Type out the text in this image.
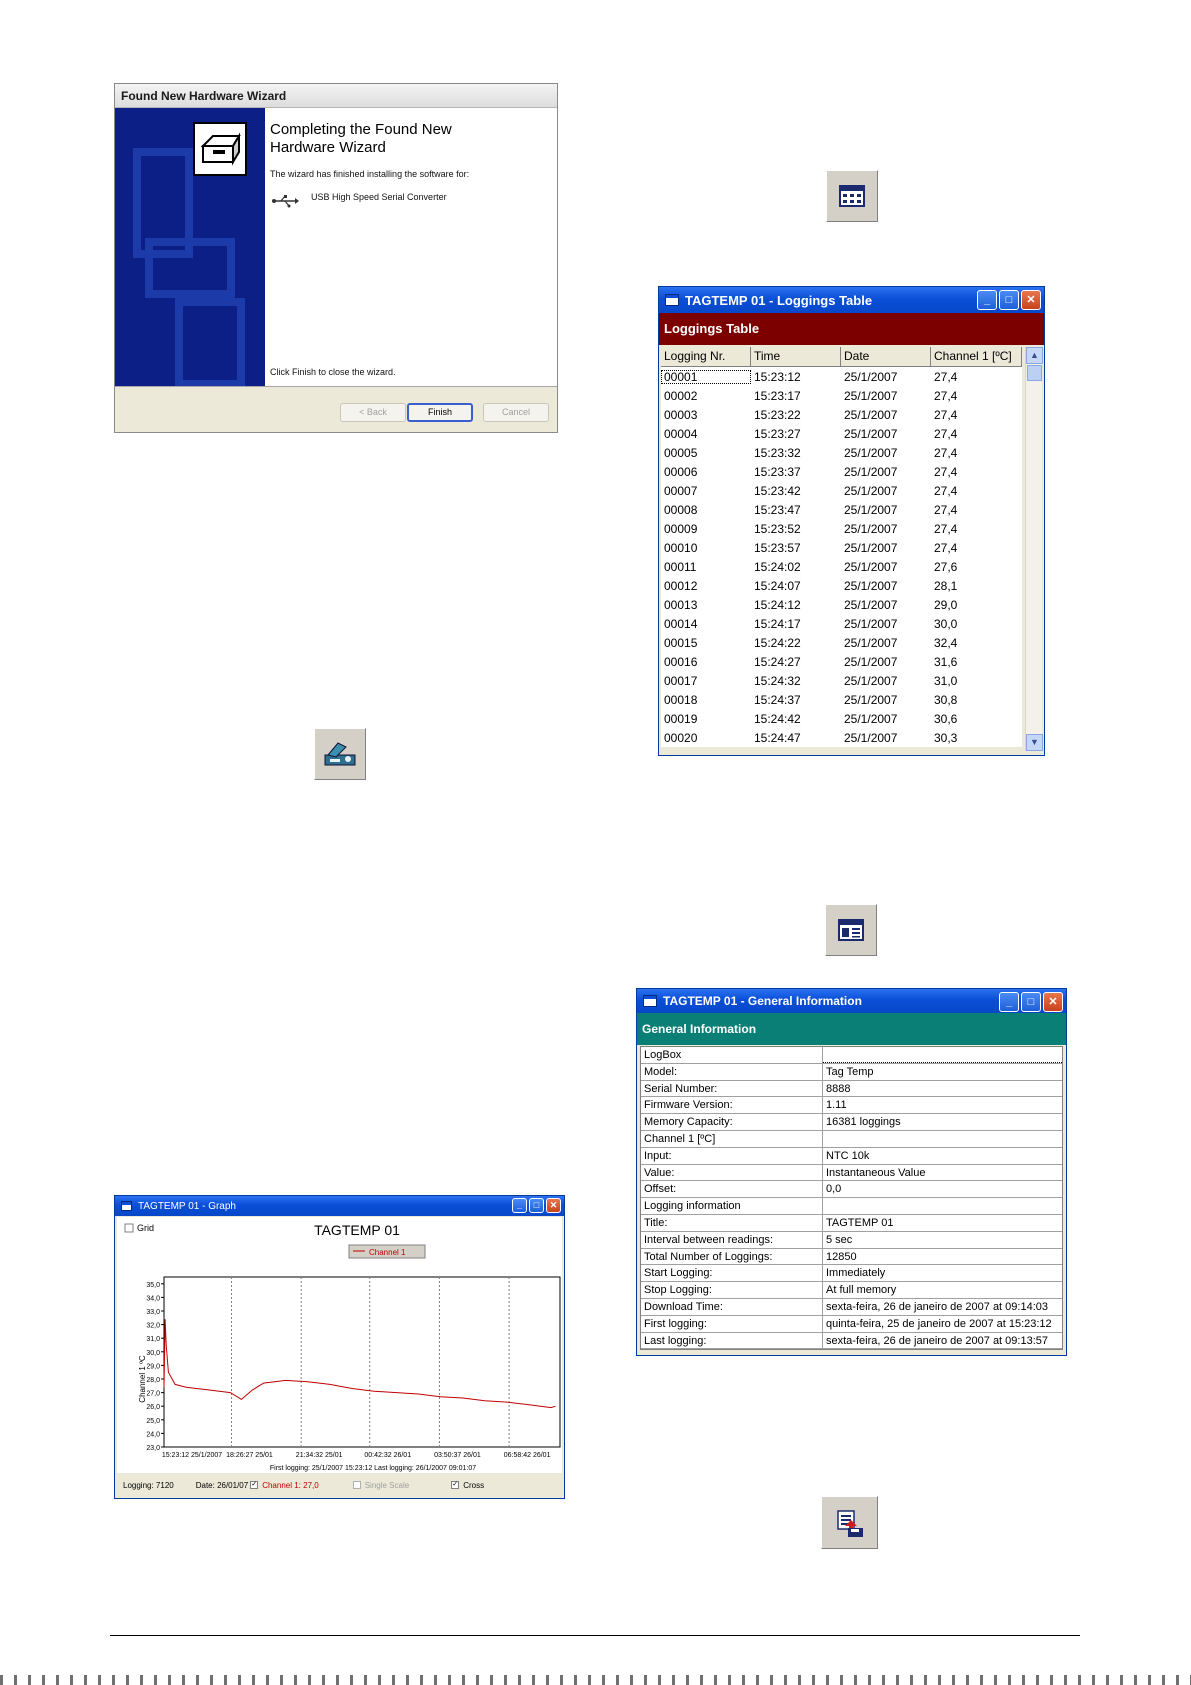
Found New Hardware Wizard
Completing the Found New Hardware Wizard
The wizard has finished installing the software for:
USB High Speed Serial Converter
Click Finish to close the wizard.
< Back	Finish	Cancel
TAGTEMP 01 - Loggings Table	_	□	✕
Loggings Table
Logging Nr.	Time	Date	Channel 1 [ºC]
00001	15:23:12	25/1/2007	27,4
00002	15:23:17	25/1/2007	27,4
00003	15:23:22	25/1/2007	27,4
00004	15:23:27	25/1/2007	27,4
00005	15:23:32	25/1/2007	27,4
00006	15:23:37	25/1/2007	27,4
00007	15:23:42	25/1/2007	27,4
00008	15:23:47	25/1/2007	27,4
00009	15:23:52	25/1/2007	27,4
00010	15:23:57	25/1/2007	27,4
00011	15:24:02	25/1/2007	27,6
00012	15:24:07	25/1/2007	28,1
00013	15:24:12	25/1/2007	29,0
00014	15:24:17	25/1/2007	30,0
00015	15:24:22	25/1/2007	32,4
00016	15:24:27	25/1/2007	31,6
00017	15:24:32	25/1/2007	31,0
00018	15:24:37	25/1/2007	30,8
00019	15:24:42	25/1/2007	30,6
00020	15:24:47	25/1/2007	30,3
▲
▼
TAGTEMP 01 - General Information	_	□	✕
General Information
LogBox
Model:	Tag Temp
Serial Number:	8888
Firmware Version:	1.11
Memory Capacity:	16381 loggings
Channel 1 [ºC]
Input:	NTC 10k
Value:	Instantaneous Value
Offset:	0,0
Logging information
Title:	TAGTEMP 01
Interval between readings:	5 sec
Total Number of Loggings:	12850
Start Logging:	Immediately
Stop Logging:	At full memory
Download Time:	sexta-feira, 26 de janeiro de 2007 at 09:14:03
First logging:	quinta-feira, 25 de janeiro de 2007 at 15:23:12
Last logging:	sexta-feira, 26 de janeiro de 2007 at 09:13:57
TAGTEMP 01 - Graph	_	□	✕
Grid	TAGTEMP 01
Channel 1
Channel 1 ºC
First logging: 25/1/2007 15:23:12 Last logging: 26/1/2007 09:01:07
23,0
24,0
25,0
26,0
27,0
28,0
29,0
30,0
31,0
32,0
33,0
34,0
35,0
15:23:12 25/1/2007 18:26:27 25/01	21:34:32 25/01	00:42:32 26/01	03:50:37 26/01	06:58:42 26/01
Logging: 7120	Date: 26/01/07 ✓ Channel 1: 27,0	Single Scale	✓ Cross
